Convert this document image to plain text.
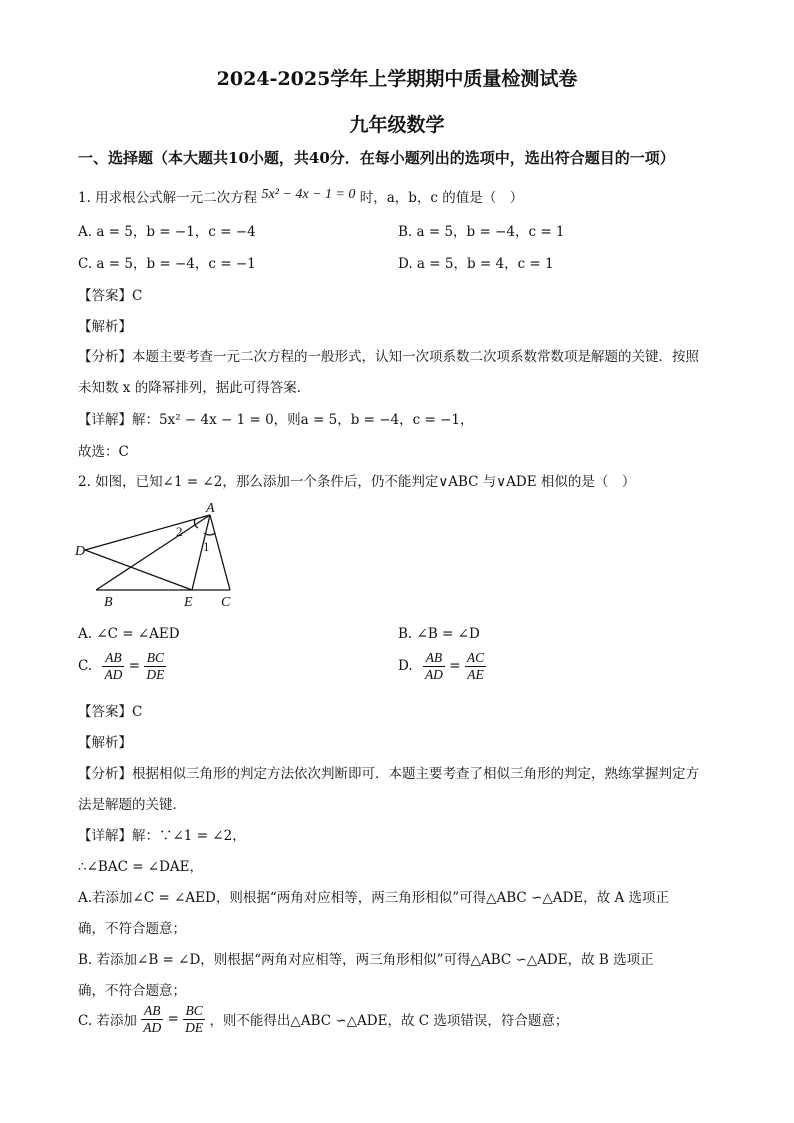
2024-2025学年上学期期中质量检测试卷
九年级数学
一、选择题（本大题共10小题，共40分．在每小题列出的选项中，选出符合题目的一项）
1. 用求根公式解一元二次方程 5x² − 4x − 1 = 0 时，a，b，c 的值是（　）
A. a = 5，b = −1，c = −4	B. a = 5，b = −4，c = 1
C. a = 5，b = −4，c = −1	D. a = 5，b = 4，c = 1
【答案】C
【解析】
【分析】本题主要考查一元二次方程的一般形式，认知一次项系数二次项系数常数项是解题的关键．按照
未知数 x 的降幂排列，据此可得答案．
【详解】解：5x² − 4x − 1 = 0，则a = 5，b = −4，c = −1，
故选：C
2. 如图，已知∠1 = ∠2，那么添加一个条件后，仍不能判定∨ABC 与∨ADE 相似的是（　）
A
D
B	E C
2
1
A. ∠C = ∠AED	B. ∠B = ∠D
C. $\frac{AB}{AD} = \frac{BC}{DE}$	D. $\frac{AB}{AD} = \frac{AC}{AE}$
【答案】C
【解析】
【分析】根据相似三角形的判定方法依次判断即可．本题主要考查了相似三角形的判定，熟练掌握判定方
法是解题的关键．
【详解】解：∵∠1 = ∠2，
∴∠BAC = ∠DAE，
A.若添加∠C = ∠AED，则根据“两角对应相等，两三角形相似”可得△ABC ∽△ADE，故 A 选项正
确，不符合题意；
B. 若添加∠B = ∠D，则根据“两角对应相等，两三角形相似”可得△ABC ∽△ADE，故 B 选项正
确，不符合题意；
C. 若添加 $\frac{AB}{AD} = \frac{BC}{DE}$ ，则不能得出△ABC ∽△ADE，故 C 选项错误，符合题意；
